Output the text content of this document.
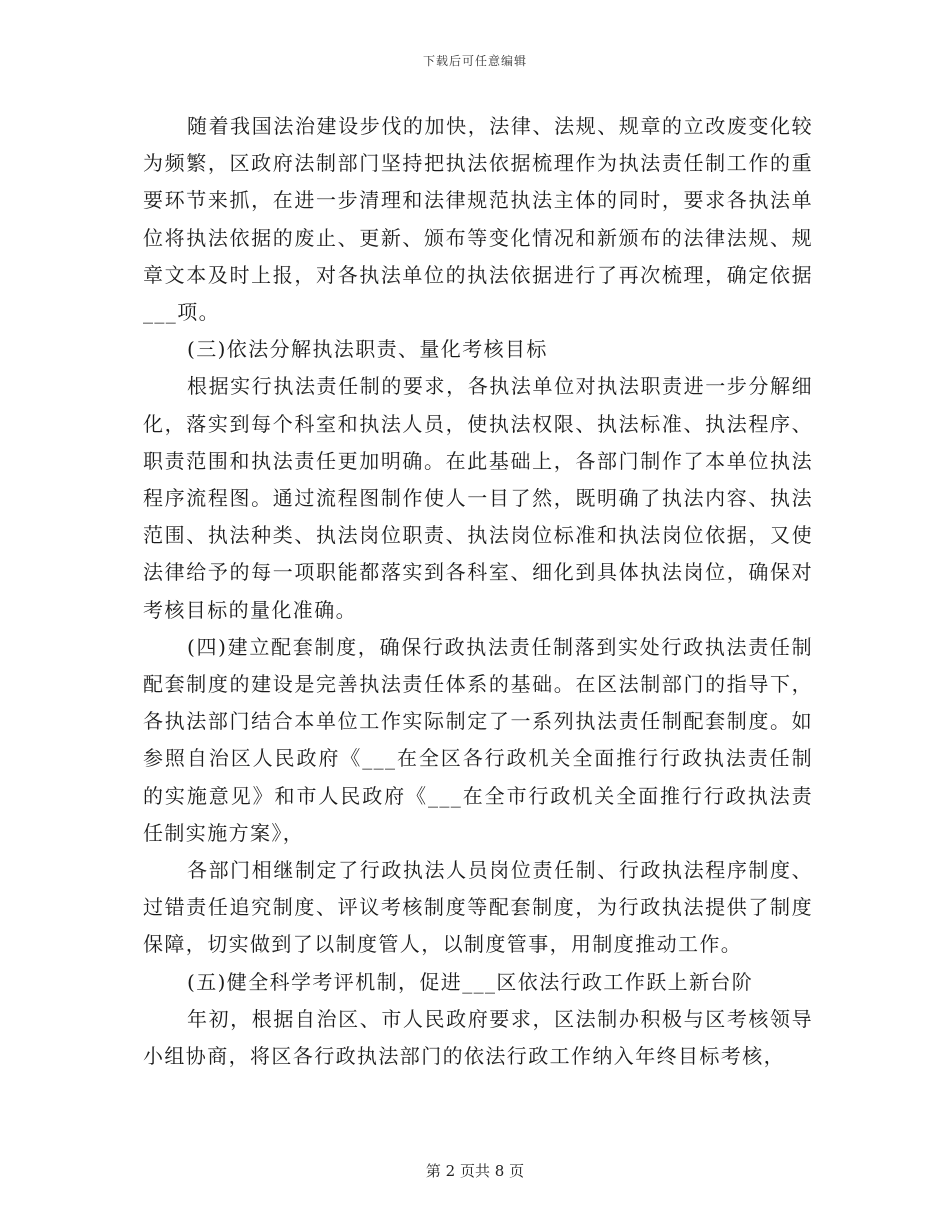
下载后可任意编辑

随着我国法治建设步伐的加快，法律、法规、规章的立改废变化较为频繁，区政府法制部门坚持把执法依据梳理作为执法责任制工作的重要环节来抓，在进一步清理和法律规范执法主体的同时，要求各执法单位将执法依据的废止、更新、颁布等变化情况和新颁布的法律法规、规章文本及时上报，对各执法单位的执法依据进行了再次梳理，确定依据___项。

(三)依法分解执法职责、量化考核目标

根据实行执法责任制的要求，各执法单位对执法职责进一步分解细化，落实到每个科室和执法人员，使执法权限、执法标准、执法程序、职责范围和执法责任更加明确。在此基础上，各部门制作了本单位执法程序流程图。通过流程图制作使人一目了然，既明确了执法内容、执法范围、执法种类、执法岗位职责、执法岗位标准和执法岗位依据，又使法律给予的每一项职能都落实到各科室、细化到具体执法岗位，确保对考核目标的量化准确。

(四)建立配套制度，确保行政执法责任制落到实处行政执法责任制配套制度的建设是完善执法责任体系的基础。在区法制部门的指导下，各执法部门结合本单位工作实际制定了一系列执法责任制配套制度。如参照自治区人民政府《___在全区各行政机关全面推行行政执法责任制的实施意见》和市人民政府《___在全市行政机关全面推行行政执法责任制实施方案》，

各部门相继制定了行政执法人员岗位责任制、行政执法程序制度、过错责任追究制度、评议考核制度等配套制度，为行政执法提供了制度保障，切实做到了以制度管人，以制度管事，用制度推动工作。

(五)健全科学考评机制，促进___区依法行政工作跃上新台阶

年初，根据自治区、市人民政府要求，区法制办积极与区考核领导小组协商，将区各行政执法部门的依法行政工作纳入年终目标考核，

第 2 页共 8 页
